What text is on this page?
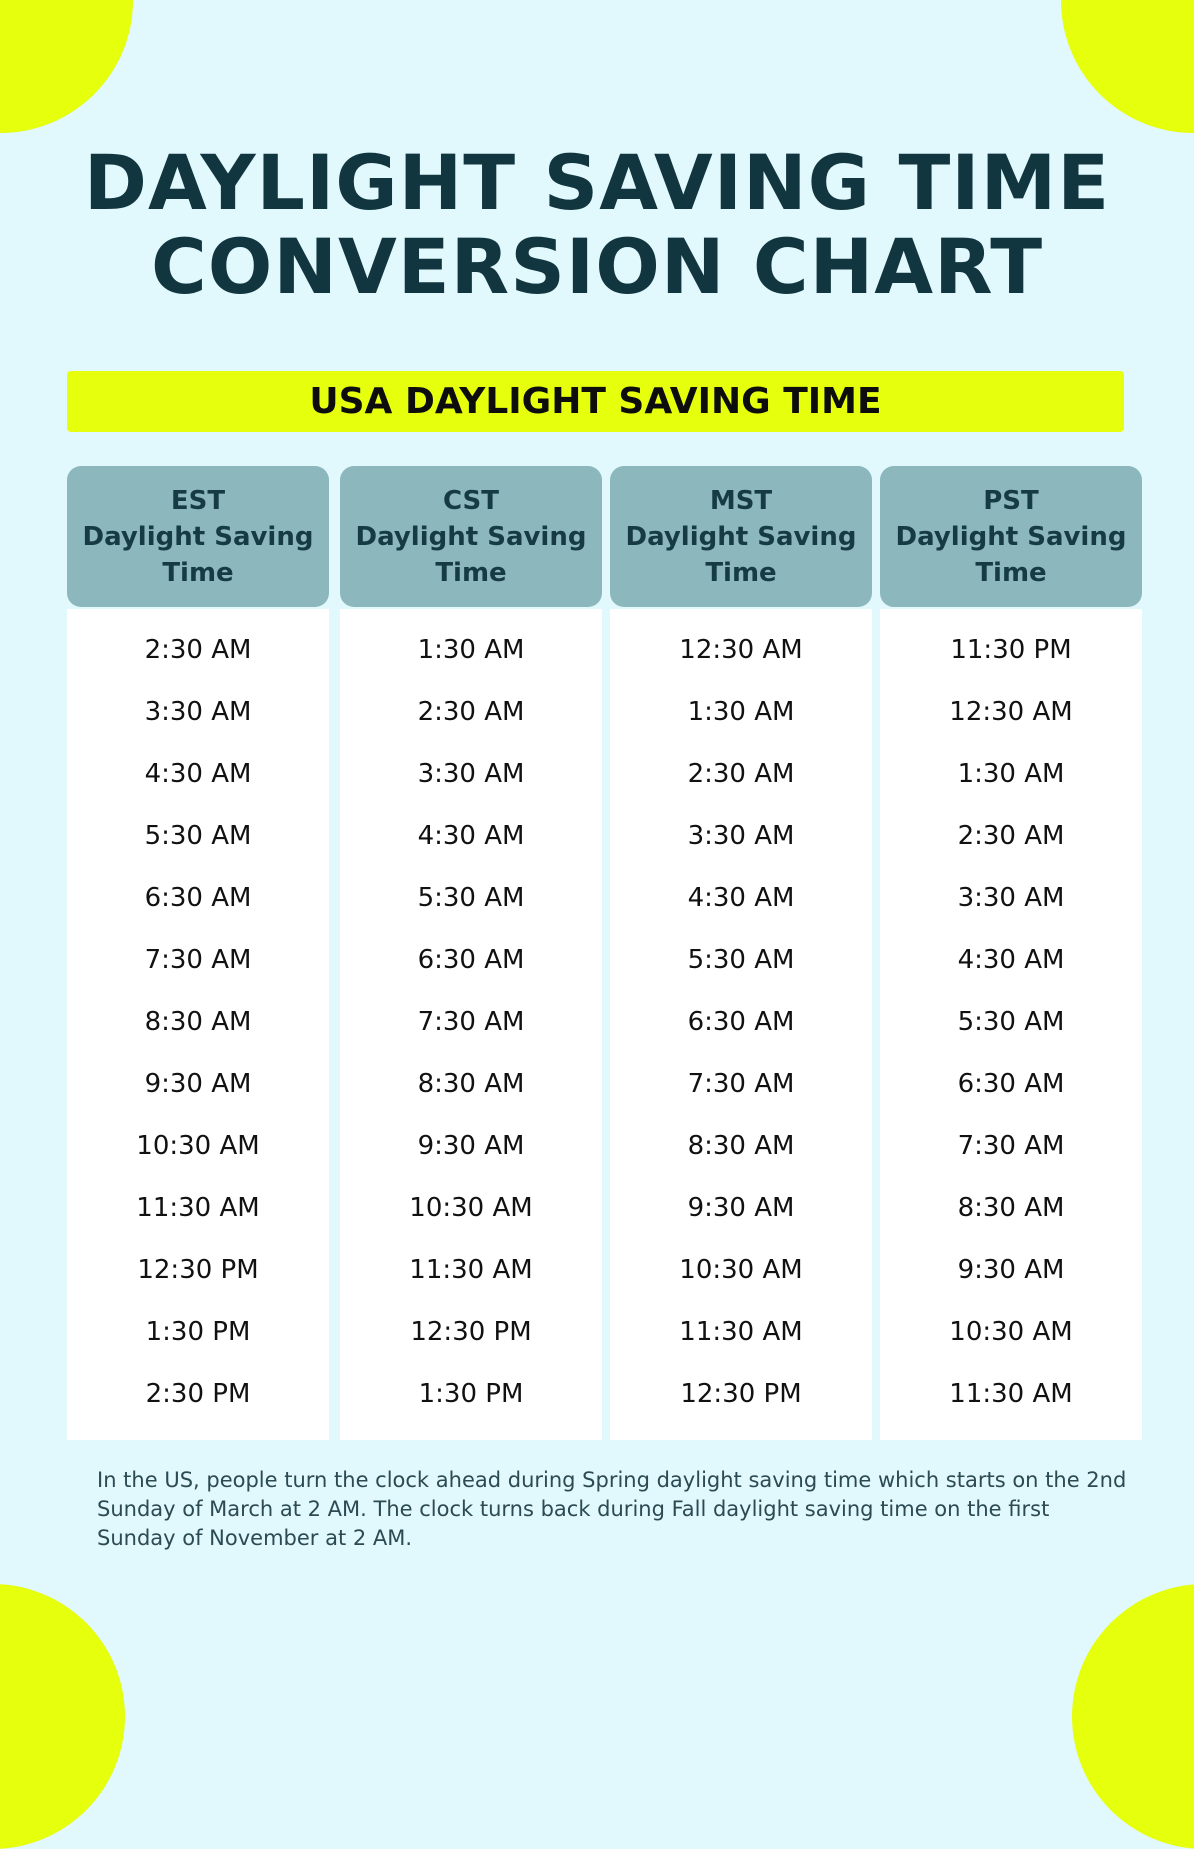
DAYLIGHT SAVING TIME
CONVERSION CHART
USA DAYLIGHT SAVING TIME
EST
Daylight Saving
Time
2:30 AM
3:30 AM
4:30 AM
5:30 AM
6:30 AM
7:30 AM
8:30 AM
9:30 AM
10:30 AM
11:30 AM
12:30 PM
1:30 PM
2:30 PM
CST
Daylight Saving
Time
1:30 AM
2:30 AM
3:30 AM
4:30 AM
5:30 AM
6:30 AM
7:30 AM
8:30 AM
9:30 AM
10:30 AM
11:30 AM
12:30 PM
1:30 PM
MST
Daylight Saving
Time
12:30 AM
1:30 AM
2:30 AM
3:30 AM
4:30 AM
5:30 AM
6:30 AM
7:30 AM
8:30 AM
9:30 AM
10:30 AM
11:30 AM
12:30 PM
PST
Daylight Saving
Time
11:30 PM
12:30 AM
1:30 AM
2:30 AM
3:30 AM
4:30 AM
5:30 AM
6:30 AM
7:30 AM
8:30 AM
9:30 AM
10:30 AM
11:30 AM

In the US, people turn the clock ahead during Spring daylight saving time which starts on the 2nd Sunday of March at 2 AM. The clock turns back during Fall daylight saving time on the first Sunday of November at 2 AM.
